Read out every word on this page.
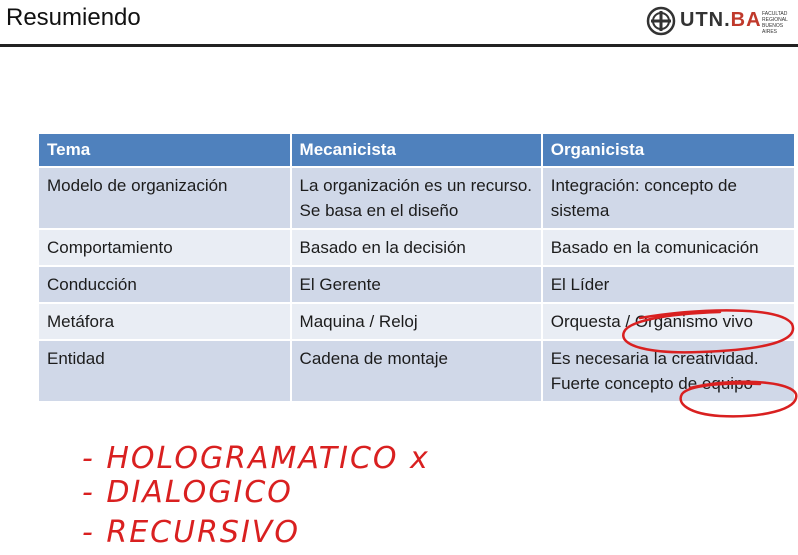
Resumiendo	UTN.BA FACULTAD REGIONAL BUENOS AIRES
Tema	Mecanicista	Organicista
Modelo de organización	La organización es un recurso. Se basa en el diseño	Integración: concepto de sistema
Comportamiento	Basado en la decisión	Basado en la comunicación
Conducción	El Gerente	El Líder
Metáfora	Maquina / Reloj	Orquesta / Organismo vivo
Entidad	Cadena de montaje	Es necesaria la creatividad. Fuerte concepto de equipo
- HOLOGRAMATICO x
- DIALOGICO
- RECURSIVO
